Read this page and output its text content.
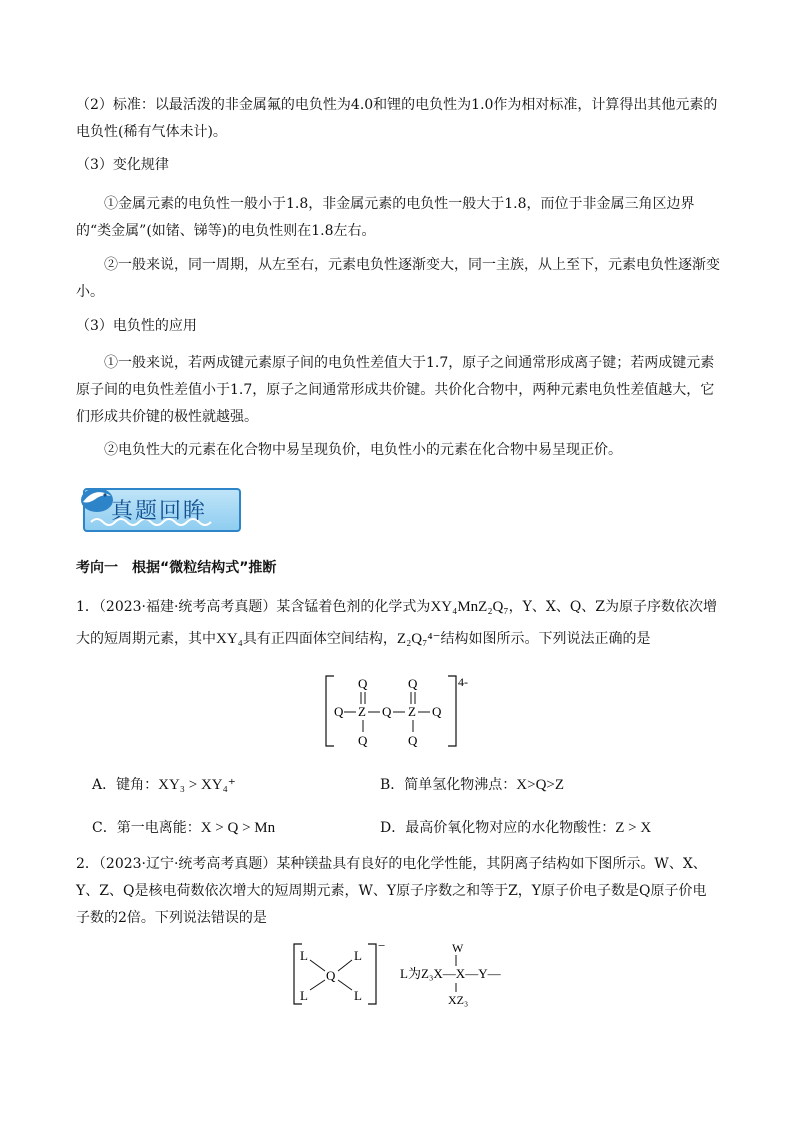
（2）标准：以最活泼的非金属氟的电负性为4.0和锂的电负性为1.0作为相对标准，计算得出其他元素的电负性(稀有气体未计)。

（3）变化规律

①金属元素的电负性一般小于1.8，非金属元素的电负性一般大于1.8，而位于非金属三角区边界的“类金属”(如锗、锑等)的电负性则在1.8左右。

②一般来说，同一周期，从左至右，元素电负性逐渐变大，同一主族，从上至下，元素电负性逐渐变小。

（3）电负性的应用

①一般来说，若两成键元素原子间的电负性差值大于1.7，原子之间通常形成离子键；若两成键元素原子间的电负性差值小于1.7，原子之间通常形成共价键。共价化合物中，两种元素电负性差值越大，它们形成共价键的极性就越强。

②电负性大的元素在化合物中易呈现负价，电负性小的元素在化合物中易呈现正价。

真题回眸

考向一　根据“微粒结构式”推断

1．（2023·福建·统考高考真题）某含锰着色剂的化学式为XY₄MnZ₂Q₇，Y、X、Q、Z为原子序数依次增

大的短周期元素，其中XY₄具有正四面体空间结构，Z₂Q₇⁴⁻结构如图所示。下列说法正确的是

Q	Q
Q Z Q Z Q
Q	Q
4-
A．键角：XY₃ > XY₄⁺	B．简单氢化物沸点：X>Q>Z
C．第一电离能：X > Q > Mn	D．最高价氧化物对应的水化物酸性：Z > X

2．（2023·辽宁·统考高考真题）某种镁盐具有良好的电化学性能，其阴离子结构如下图所示。W、X、

Y、Z、Q是核电荷数依次增大的短周期元素，W、Y原子序数之和等于Z，Y原子价电子数是Q原子价电

子数的2倍。下列说法错误的是

L	L
L	L
Q
−	W
L为Z₃X—X—Y—
XZ₃
